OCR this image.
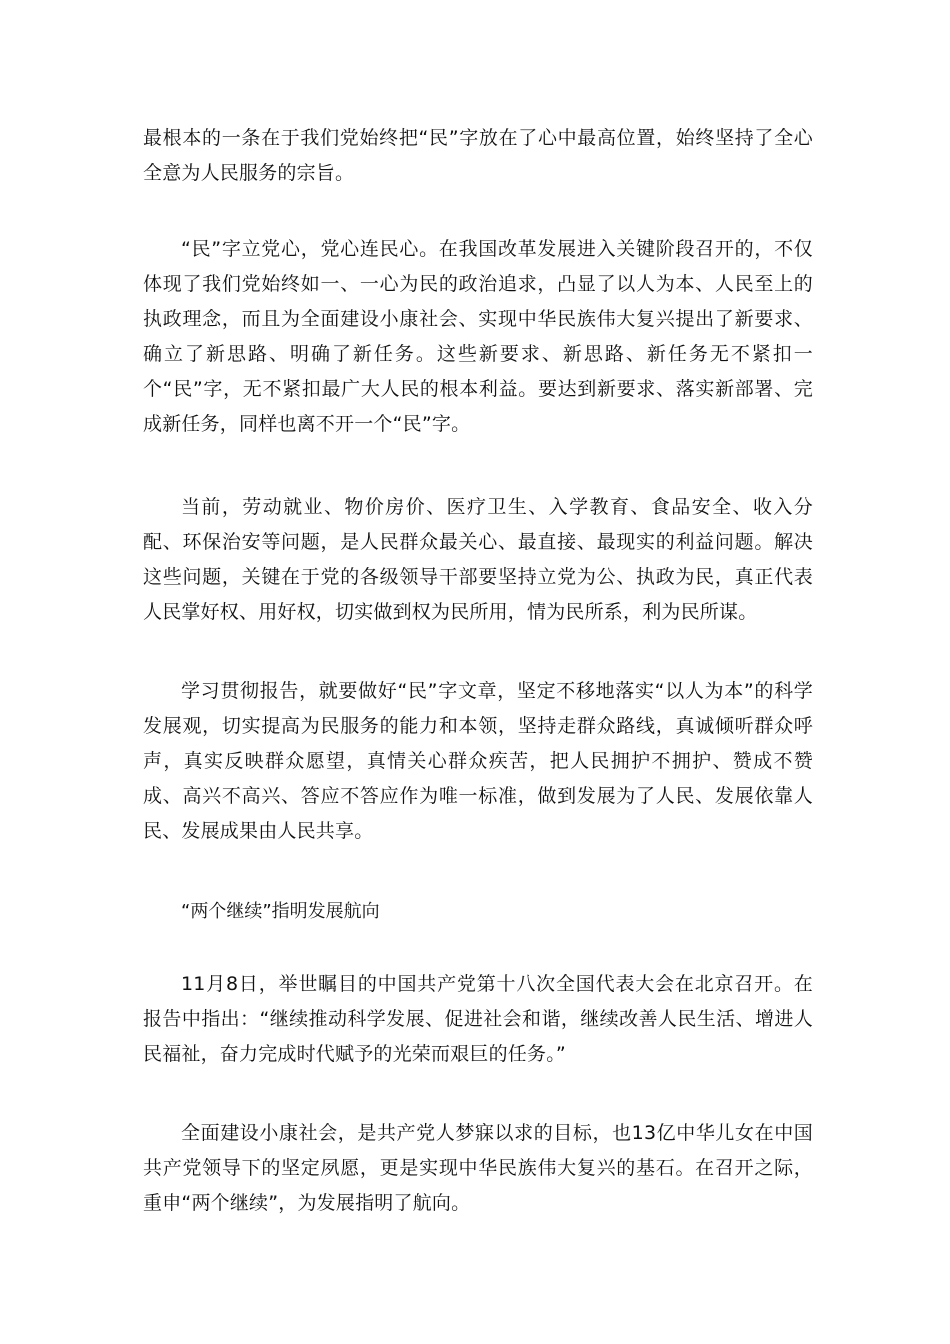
最根本的一条在于我们党始终把“民”字放在了心中最高位置，始终坚持了全心全意为人民服务的宗旨。

“民”字立党心，党心连民心。在我国改革发展进入关键阶段召开的，不仅体现了我们党始终如一、一心为民的政治追求，凸显了以人为本、人民至上的执政理念，而且为全面建设小康社会、实现中华民族伟大复兴提出了新要求、确立了新思路、明确了新任务。这些新要求、新思路、新任务无不紧扣一个“民”字，无不紧扣最广大人民的根本利益。要达到新要求、落实新部署、完成新任务，同样也离不开一个“民”字。

当前，劳动就业、物价房价、医疗卫生、入学教育、食品安全、收入分配、环保治安等问题，是人民群众最关心、最直接、最现实的利益问题。解决这些问题，关键在于党的各级领导干部要坚持立党为公、执政为民，真正代表人民掌好权、用好权，切实做到权为民所用，情为民所系，利为民所谋。

学习贯彻报告，就要做好“民”字文章，坚定不移地落实“以人为本”的科学发展观，切实提高为民服务的能力和本领，坚持走群众路线，真诚倾听群众呼声，真实反映群众愿望，真情关心群众疾苦，把人民拥护不拥护、赞成不赞成、高兴不高兴、答应不答应作为唯一标准，做到发展为了人民、发展依靠人民、发展成果由人民共享。

“两个继续”指明发展航向

11月8日，举世瞩目的中国共产党第十八次全国代表大会在北京召开。在报告中指出：“继续推动科学发展、促进社会和谐，继续改善人民生活、增进人民福祉，奋力完成时代赋予的光荣而艰巨的任务。”

全面建设小康社会，是共产党人梦寐以求的目标，也13亿中华儿女在中国共产党领导下的坚定夙愿，更是实现中华民族伟大复兴的基石。在召开之际，重申“两个继续”，为发展指明了航向。
